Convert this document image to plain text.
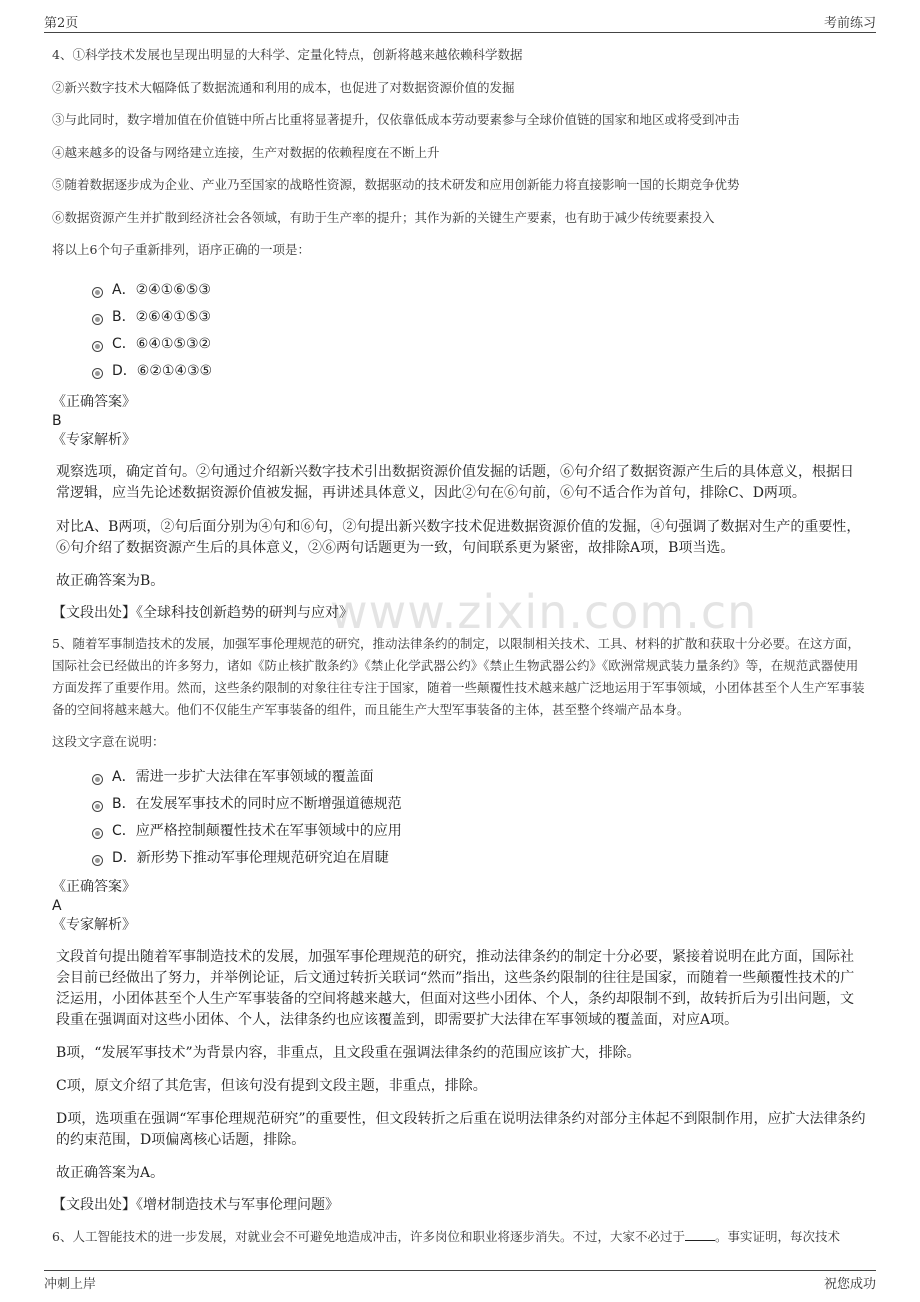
第2页	考前练习
www.zixin.com.cn

4、①科学技术发展也呈现出明显的大科学、定量化特点，创新将越来越依赖科学数据

②新兴数字技术大幅降低了数据流通和利用的成本，也促进了对数据资源价值的发掘

③与此同时，数字增加值在价值链中所占比重将显著提升，仅依靠低成本劳动要素参与全球价值链的国家和地区或将受到冲击

④越来越多的设备与网络建立连接，生产对数据的依赖程度在不断上升

⑤随着数据逐步成为企业、产业乃至国家的战略性资源，数据驱动的技术研发和应用创新能力将直接影响一国的长期竞争优势

⑥数据资源产生并扩散到经济社会各领域，有助于生产率的提升；其作为新的关键生产要素，也有助于减少传统要素投入

将以上6个句子重新排列，语序正确的一项是：

A．②④①⑥⑤③
B．②⑥④①⑤③
C．⑥④①⑤③②
D．⑥②①④③⑤

《正确答案》

B

《专家解析》

观察选项，确定首句。②句通过介绍新兴数字技术引出数据资源价值发掘的话题，⑥句介绍了数据资源产生后的具体意义，根据日常逻辑，应当先论述数据资源价值被发掘，再讲述具体意义，因此②句在⑥句前，⑥句不适合作为首句，排除C、D两项。

对比A、B两项，②句后面分别为④句和⑥句，②句提出新兴数字技术促进数据资源价值的发掘，④句强调了数据对生产的重要性，⑥句介绍了数据资源产生后的具体意义，②⑥两句话题更为一致，句间联系更为紧密，故排除A项，B项当选。

故正确答案为B。

【文段出处】《全球科技创新趋势的研判与应对》

5、随着军事制造技术的发展，加强军事伦理规范的研究，推动法律条约的制定，以限制相关技术、工具、材料的扩散和获取十分必要。在这方面，国际社会已经做出的许多努力，诸如《防止核扩散条约》《禁止化学武器公约》《禁止生物武器公约》《欧洲常规武装力量条约》等，在规范武器使用方面发挥了重要作用。然而，这些条约限制的对象往往专注于国家，随着一些颠覆性技术越来越广泛地运用于军事领域，小团体甚至个人生产军事装备的空间将越来越大。他们不仅能生产军事装备的组件，而且能生产大型军事装备的主体，甚至整个终端产品本身。

这段文字意在说明：

A．需进一步扩大法律在军事领域的覆盖面
B．在发展军事技术的同时应不断增强道德规范
C．应严格控制颠覆性技术在军事领域中的应用
D．新形势下推动军事伦理规范研究迫在眉睫

《正确答案》

A

《专家解析》

文段首句提出随着军事制造技术的发展，加强军事伦理规范的研究，推动法律条约的制定十分必要，紧接着说明在此方面，国际社会目前已经做出了努力，并举例论证，后文通过转折关联词“然而”指出，这些条约限制的往往是国家，而随着一些颠覆性技术的广泛运用，小团体甚至个人生产军事装备的空间将越来越大，但面对这些小团体、个人，条约却限制不到，故转折后为引出问题，文段重在强调面对这些小团体、个人，法律条约也应该覆盖到，即需要扩大法律在军事领域的覆盖面，对应A项。

B项，“发展军事技术”为背景内容，非重点，且文段重在强调法律条约的范围应该扩大，排除。

C项，原文介绍了其危害，但该句没有提到文段主题，非重点，排除。

D项，选项重在强调“军事伦理规范研究”的重要性，但文段转折之后重在说明法律条约对部分主体起不到限制作用，应扩大法律条约的约束范围，D项偏离核心话题，排除。

故正确答案为A。

【文段出处】《增材制造技术与军事伦理问题》

6、人工智能技术的进一步发展，对就业会不可避免地造成冲击，许多岗位和职业将逐步消失。不过，大家不必过于 。事实证明，每次技术

冲刺上岸	祝您成功
